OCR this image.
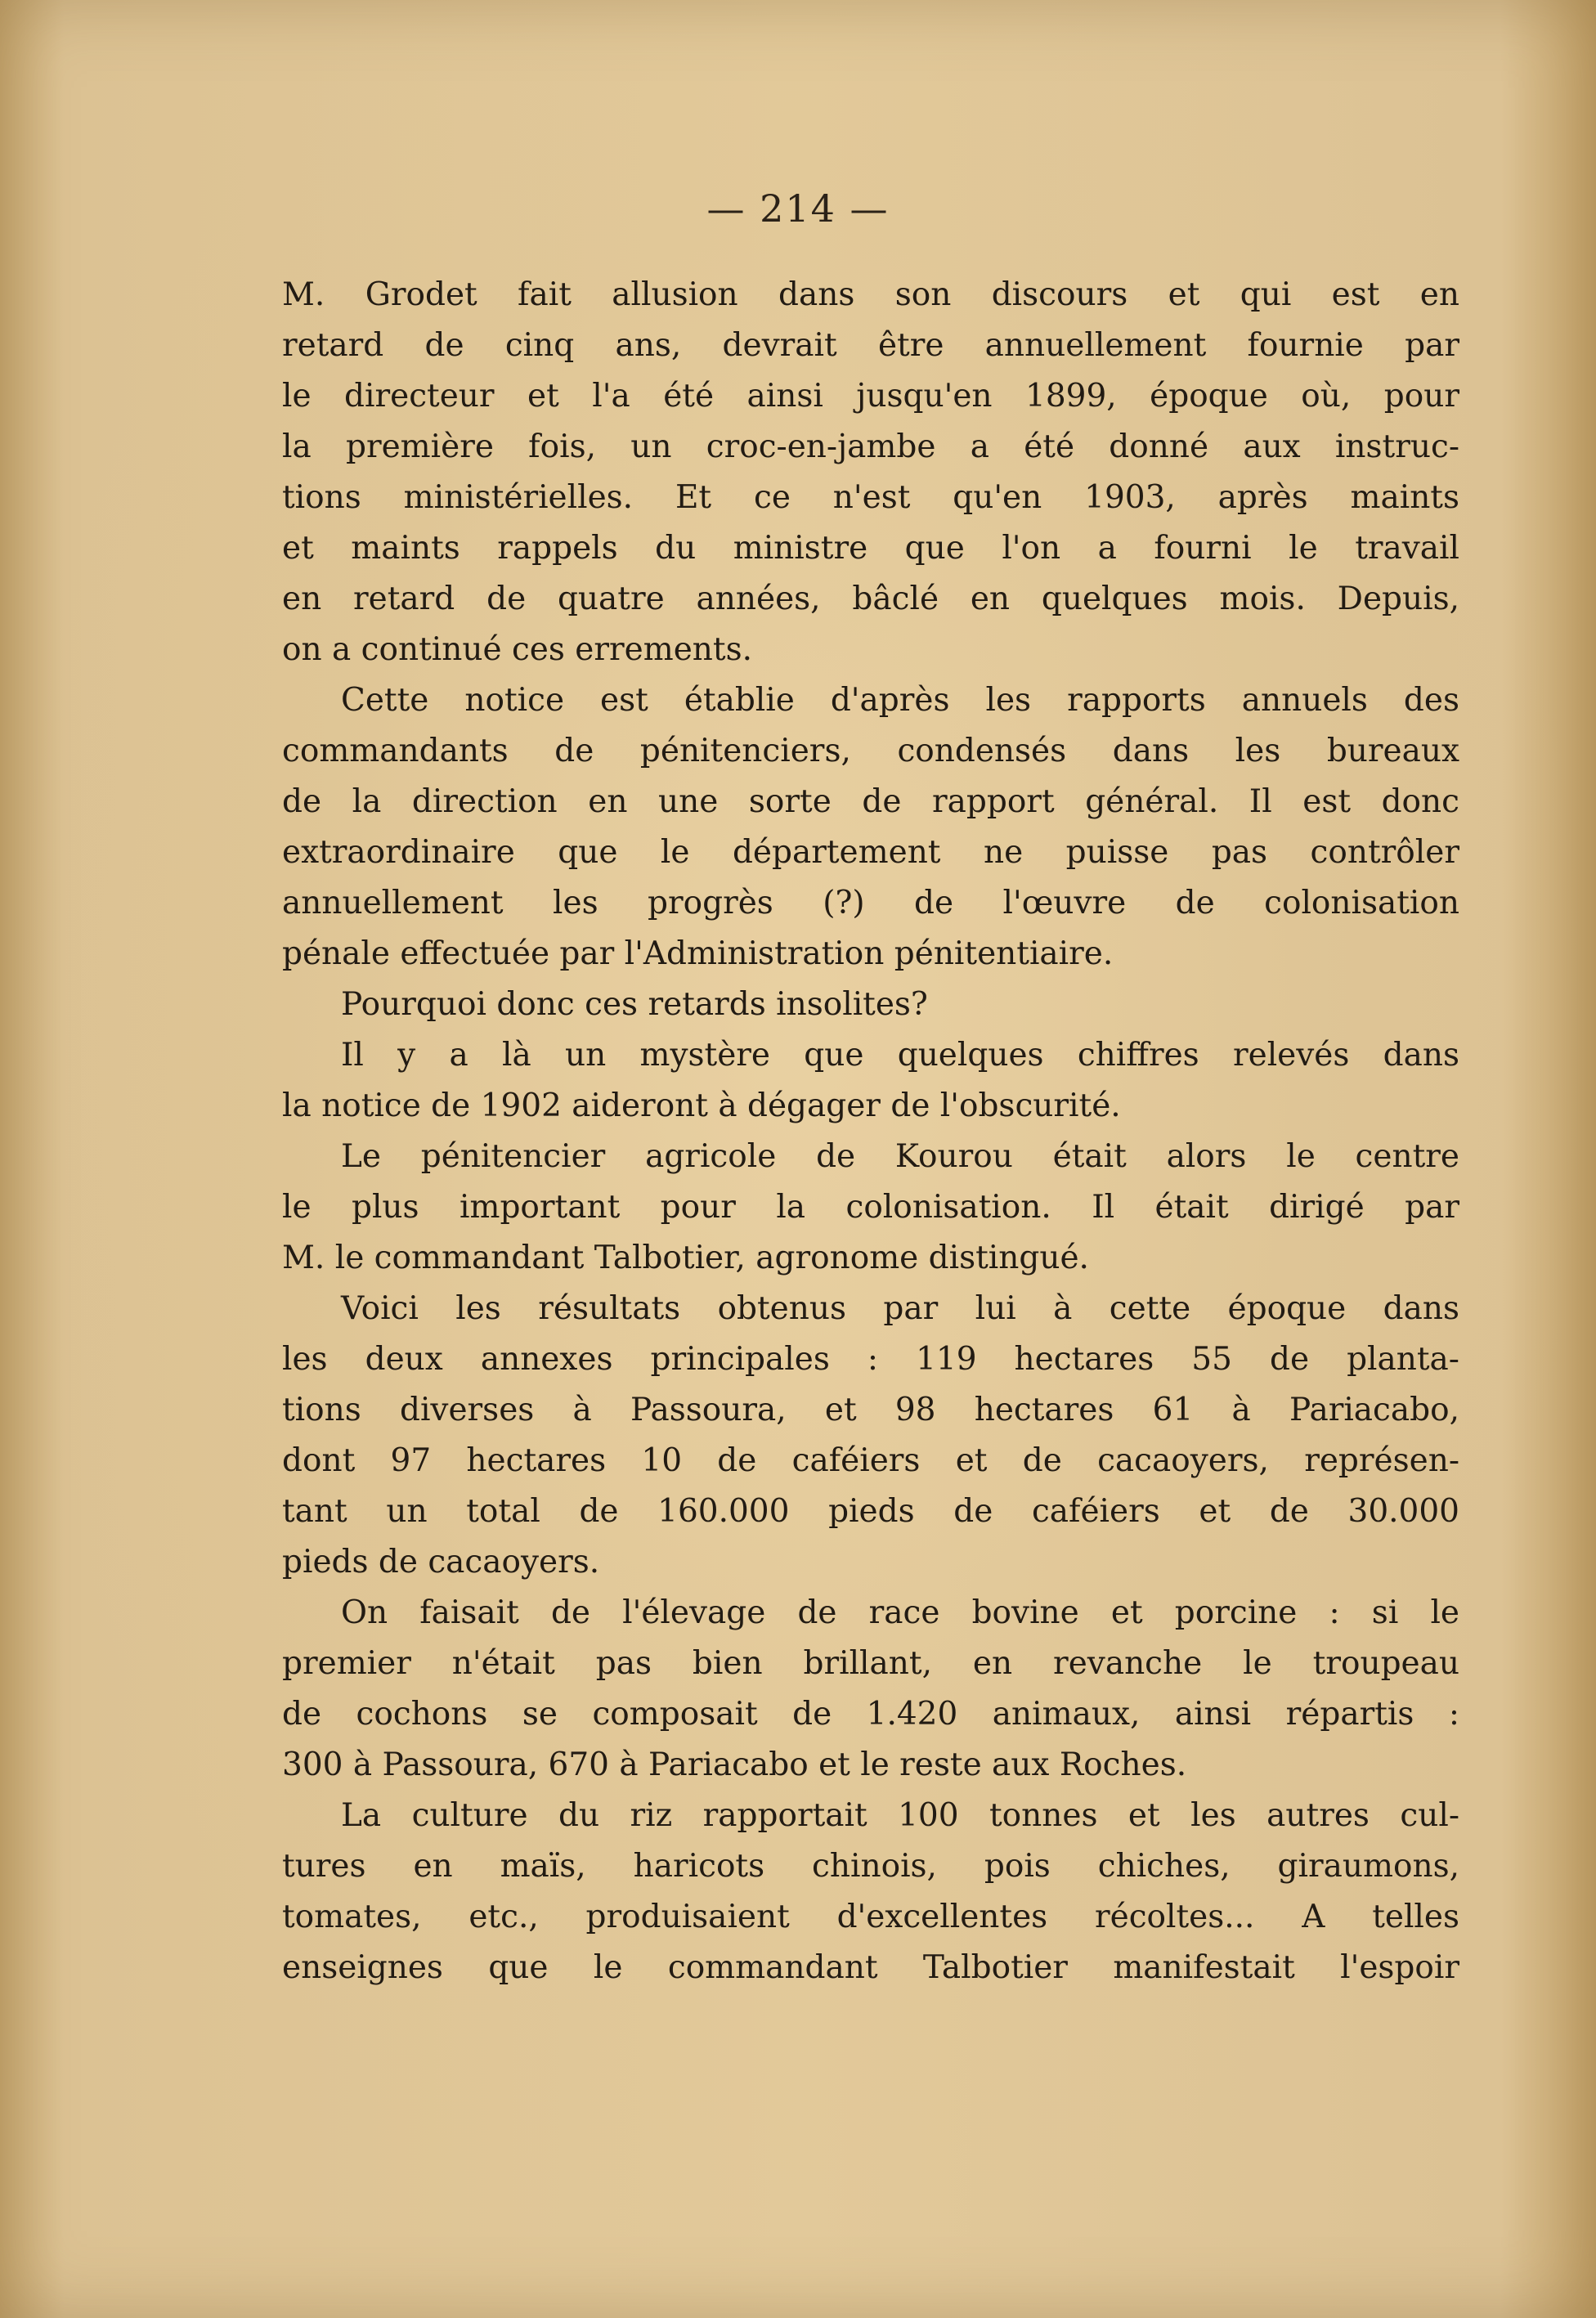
— 214 —
M. Grodet fait allusion dans son discours et qui est en
retard de cinq ans, devrait être annuellement fournie par
le directeur et l'a été ainsi jusqu'en 1899, époque où, pour
la première fois, un croc-en-jambe a été donné aux instruc-
tions ministérielles. Et ce n'est qu'en 1903, après maints
et maints rappels du ministre que l'on a fourni le travail
en retard de quatre années, bâclé en quelques mois. Depuis,
on a continué ces errements.
Cette notice est établie d'après les rapports annuels des
commandants de pénitenciers, condensés dans les bureaux
de la direction en une sorte de rapport général. Il est donc
extraordinaire que le département ne puisse pas contrôler
annuellement les progrès (?) de l'œuvre de colonisation
pénale effectuée par l'Administration pénitentiaire.
Pourquoi donc ces retards insolites?
Il y a là un mystère que quelques chiffres relevés dans
la notice de 1902 aideront à dégager de l'obscurité.
Le pénitencier agricole de Kourou était alors le centre
le plus important pour la colonisation. Il était dirigé par
M. le commandant Talbotier, agronome distingué.
Voici les résultats obtenus par lui à cette époque dans
les deux annexes principales : 119 hectares 55 de planta-
tions diverses à Passoura, et 98 hectares 61 à Pariacabo,
dont 97 hectares 10 de caféiers et de cacaoyers, représen-
tant un total de 160.000 pieds de caféiers et de 30.000
pieds de cacaoyers.
On faisait de l'élevage de race bovine et porcine : si le
premier n'était pas bien brillant, en revanche le troupeau
de cochons se composait de 1.420 animaux, ainsi répartis :
300 à Passoura, 670 à Pariacabo et le reste aux Roches.
La culture du riz rapportait 100 tonnes et les autres cul-
tures en maïs, haricots chinois, pois chiches, giraumons,
tomates, etc., produisaient d'excellentes récoltes... A telles
enseignes que le commandant Talbotier manifestait l'espoir
